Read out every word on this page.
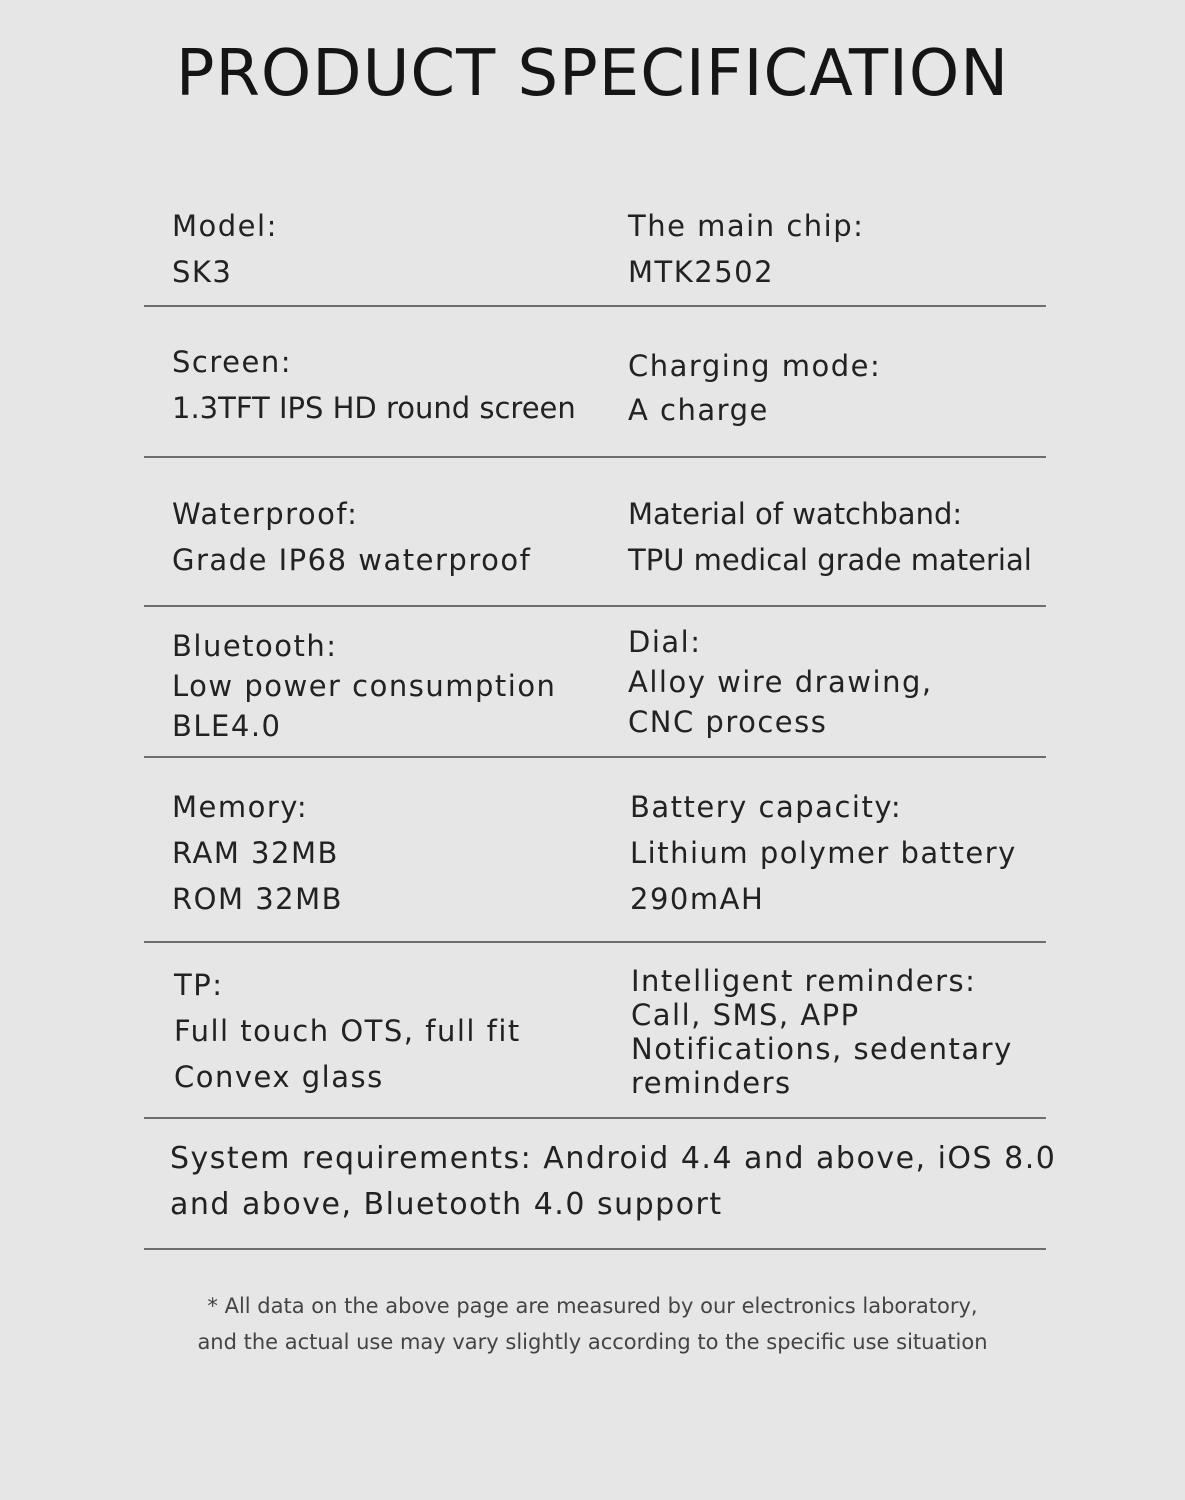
PRODUCT SPECIFICATION
Model:
SK3
The main chip:
MTK2502
Screen:
1.3TFT IPS HD round screen
Charging mode:
A charge
Waterproof:
Grade IP68 waterproof
Material of watchband:
TPU medical grade material
Bluetooth:
Low power consumption
BLE4.0
Dial:
Alloy wire drawing,
CNC process
Memory:
RAM 32MB
ROM 32MB
Battery capacity:
Lithium polymer battery
290mAH
TP:
Full touch OTS, full fit
Convex glass
Intelligent reminders:
Call, SMS, APP
Notifications, sedentary
reminders
System requirements: Android 4.4 and above, iOS 8.0
and above, Bluetooth 4.0 support
* All data on the above page are measured by our electronics laboratory,
and the actual use may vary slightly according to the specific use situation
